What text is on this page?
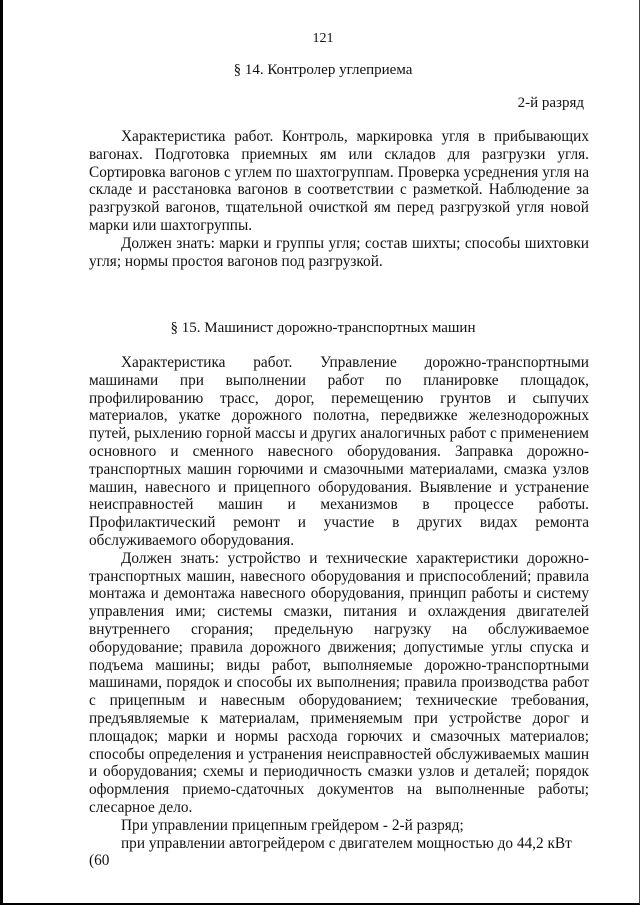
121
§ 14. Контролер углеприема
2-й разряд

Характеристика работ. Контроль, маркировка угля в прибывающих вагонах. Подготовка приемных ям или складов для разгрузки угля. Сортировка вагонов с углем по шахтогруппам. Проверка усреднения угля на складе и расстановка вагонов в соответствии с разметкой. Наблюдение за разгрузкой вагонов, тщательной очисткой ям перед разгрузкой угля новой марки или шахтогруппы.

Должен знать: марки и группы угля; состав шихты; способы шихтовки угля; нормы простоя вагонов под разгрузкой.

§ 15. Машинист дорожно-транспортных машин

Характеристика работ. Управление дорожно-транспортными машинами при выполнении работ по планировке площадок, профилированию трасс, дорог, перемещению грунтов и сыпучих материалов, укатке дорожного полотна, передвижке железнодорожных путей, рыхлению горной массы и других аналогичных работ с применением основного и сменного навесного оборудования. Заправка дорожно-транспортных машин горючими и смазочными материалами, смазка узлов машин, навесного и прицепного оборудования. Выявление и устранение неисправностей машин и механизмов в процессе работы. Профилактический ремонт и участие в других видах ремонта обслуживаемого оборудования.

Должен знать: устройство и технические характеристики дорожно-транспортных машин, навесного оборудования и приспособлений; правила монтажа и демонтажа навесного оборудования, принцип работы и систему управления ими; системы смазки, питания и охлаждения двигателей внутреннего сгорания; предельную нагрузку на обслуживаемое оборудование; правила дорожного движения; допустимые углы спуска и подъема машины; виды работ, выполняемые дорожно-транспортными машинами, порядок и способы их выполнения; правила производства работ с прицепным и навесным оборудованием; технические требования, предъявляемые к материалам, применяемым при устройстве дорог и площадок; марки и нормы расхода горючих и смазочных материалов; способы определения и устранения неисправностей обслуживаемых машин и оборудования; схемы и периодичность смазки узлов и деталей; порядок оформления приемо-сдаточных документов на выполненные работы; слесарное дело.

При управлении прицепным грейдером - 2-й разряд;

при управлении автогрейдером с двигателем мощностью до 44,2 кВт (60
